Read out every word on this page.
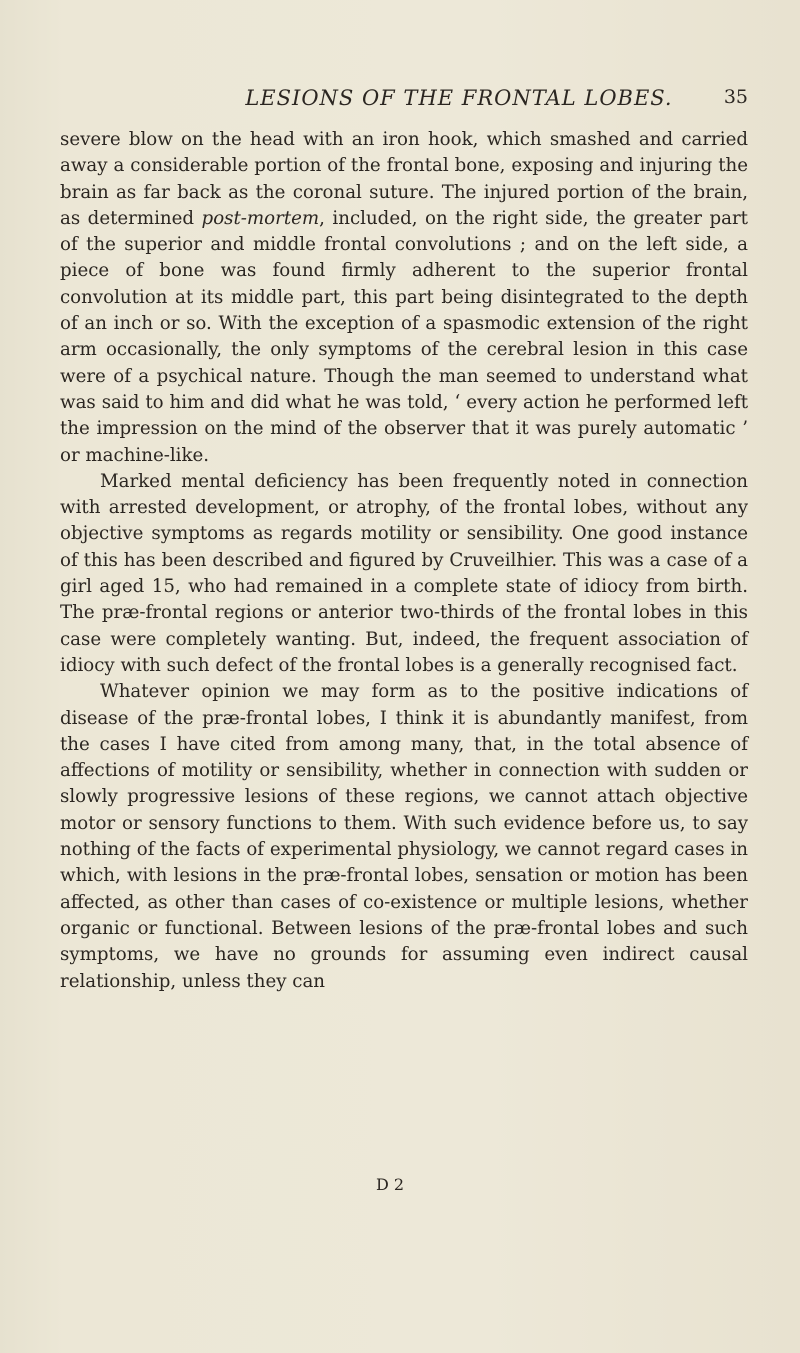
LESIONS OF THE FRONTAL LOBES.	35

severe blow on the head with an iron hook, which smashed and carried away a considerable portion of the frontal bone, exposing and injuring the brain as far back as the coronal suture. The injured portion of the brain, as determined post-mortem, included, on the right side, the greater part of the superior and middle frontal convolutions ; and on the left side, a piece of bone was found firmly adherent to the superior frontal convolution at its middle part, this part being disintegrated to the depth of an inch or so. With the exception of a spasmodic extension of the right arm occasionally, the only symptoms of the cerebral lesion in this case were of a psychical nature. Though the man seemed to understand what was said to him and did what he was told, ‘ every action he performed left the impression on the mind of the observer that it was purely automatic ’ or machine-like.

Marked mental deficiency has been frequently noted in connection with arrested development, or atrophy, of the frontal lobes, without any objective symptoms as regards motility or sensibility. One good instance of this has been described and figured by Cruveilhier. This was a case of a girl aged 15, who had remained in a complete state of idiocy from birth. The præ-frontal regions or anterior two-thirds of the frontal lobes in this case were completely wanting. But, indeed, the frequent association of idiocy with such defect of the frontal lobes is a generally recognised fact.

Whatever opinion we may form as to the positive indications of disease of the præ-frontal lobes, I think it is abundantly manifest, from the cases I have cited from among many, that, in the total absence of affections of motility or sensibility, whether in connection with sudden or slowly progressive lesions of these regions, we cannot attach objective motor or sensory functions to them. With such evidence before us, to say nothing of the facts of experimental physiology, we cannot regard cases in which, with lesions in the præ-frontal lobes, sensation or motion has been affected, as other than cases of co-existence or multiple lesions, whether organic or functional. Between lesions of the præ-frontal lobes and such symptoms, we have no grounds for assuming even indirect causal relationship, unless they can

D 2
